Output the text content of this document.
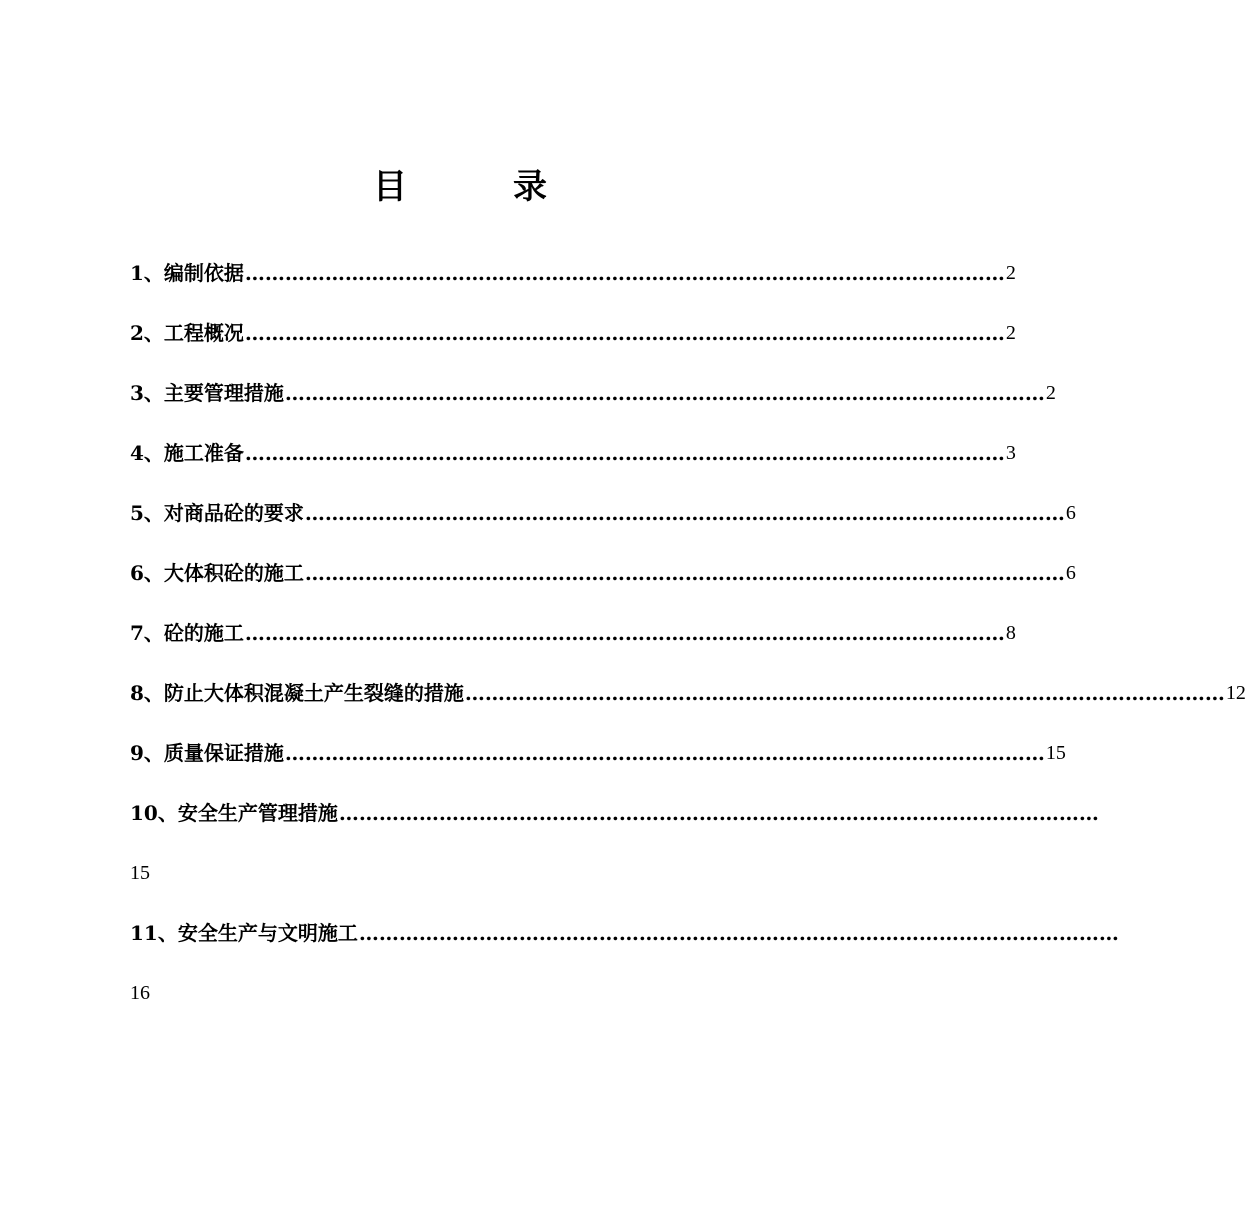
目　录
1、编制依据 …………………………………………………………………………………………………… 2
2、工程概况 …………………………………………………………………………………………………… 2
3、主要管理措施 …………………………………………………………………………………………………… 2
4、施工准备 …………………………………………………………………………………………………… 3
5、对商品砼的要求 …………………………………………………………………………………………………… 6
6、大体积砼的施工 …………………………………………………………………………………………………… 6
7、砼的施工 …………………………………………………………………………………………………… 8
8、防止大体积混凝土产生裂缝的措施 …………………………………………………………………………………………………… 12
9、质量保证措施 …………………………………………………………………………………………………… 15
10、安全生产管理措施 ……………………………………………………………………………………………………
15
11、安全生产与文明施工 ……………………………………………………………………………………………………
16
